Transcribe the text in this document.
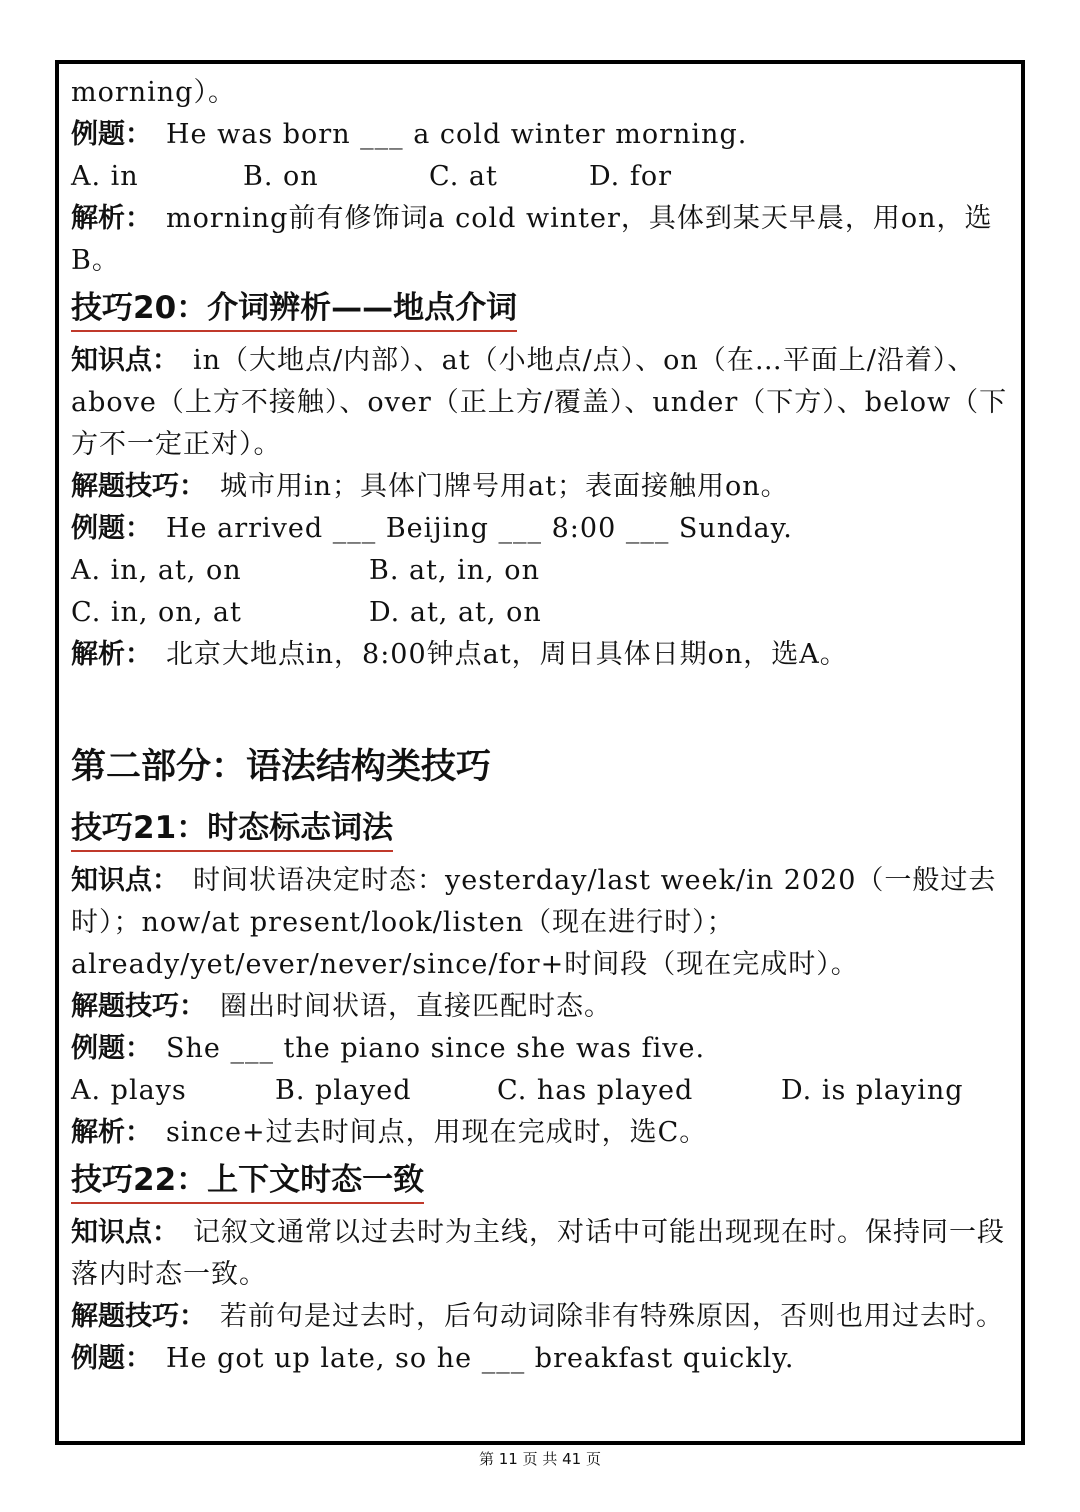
morning）。
例题： He was born ___ a cold winter morning.
A. in	B. on	C. at	D. for
解析： morning前有修饰词a cold winter，具体到某天早晨，用on，选B。
技巧20：介词辨析——地点介词
知识点： in（大地点/内部）、at（小地点/点）、on（在…平面上/沿着）、above（上方不接触）、over（正上方/覆盖）、under（下方）、below（下方不一定正对）。
解题技巧： 城市用in；具体门牌号用at；表面接触用on。
例题： He arrived ___ Beijing ___ 8:00 ___ Sunday.
A. in, at, on	B. at, in, on
C. in, on, at	D. at, at, on
解析： 北京大地点in，8:00钟点at，周日具体日期on，选A。
第二部分：语法结构类技巧
技巧21：时态标志词法
知识点： 时间状语决定时态：yesterday/last week/in 2020（一般过去时）；now/at present/look/listen（现在进行时）；already/yet/ever/never/since/for+时间段（现在完成时）。
解题技巧： 圈出时间状语，直接匹配时态。
例题： She ___ the piano since she was five.
A. plays	B. played	C. has played	D. is playing
解析： since+过去时间点，用现在完成时，选C。
技巧22：上下文时态一致
知识点： 记叙文通常以过去时为主线，对话中可能出现现在时。保持同一段落内时态一致。
解题技巧： 若前句是过去时，后句动词除非有特殊原因，否则也用过去时。
例题： He got up late, so he ___ breakfast quickly.
第 11 页 共 41 页
